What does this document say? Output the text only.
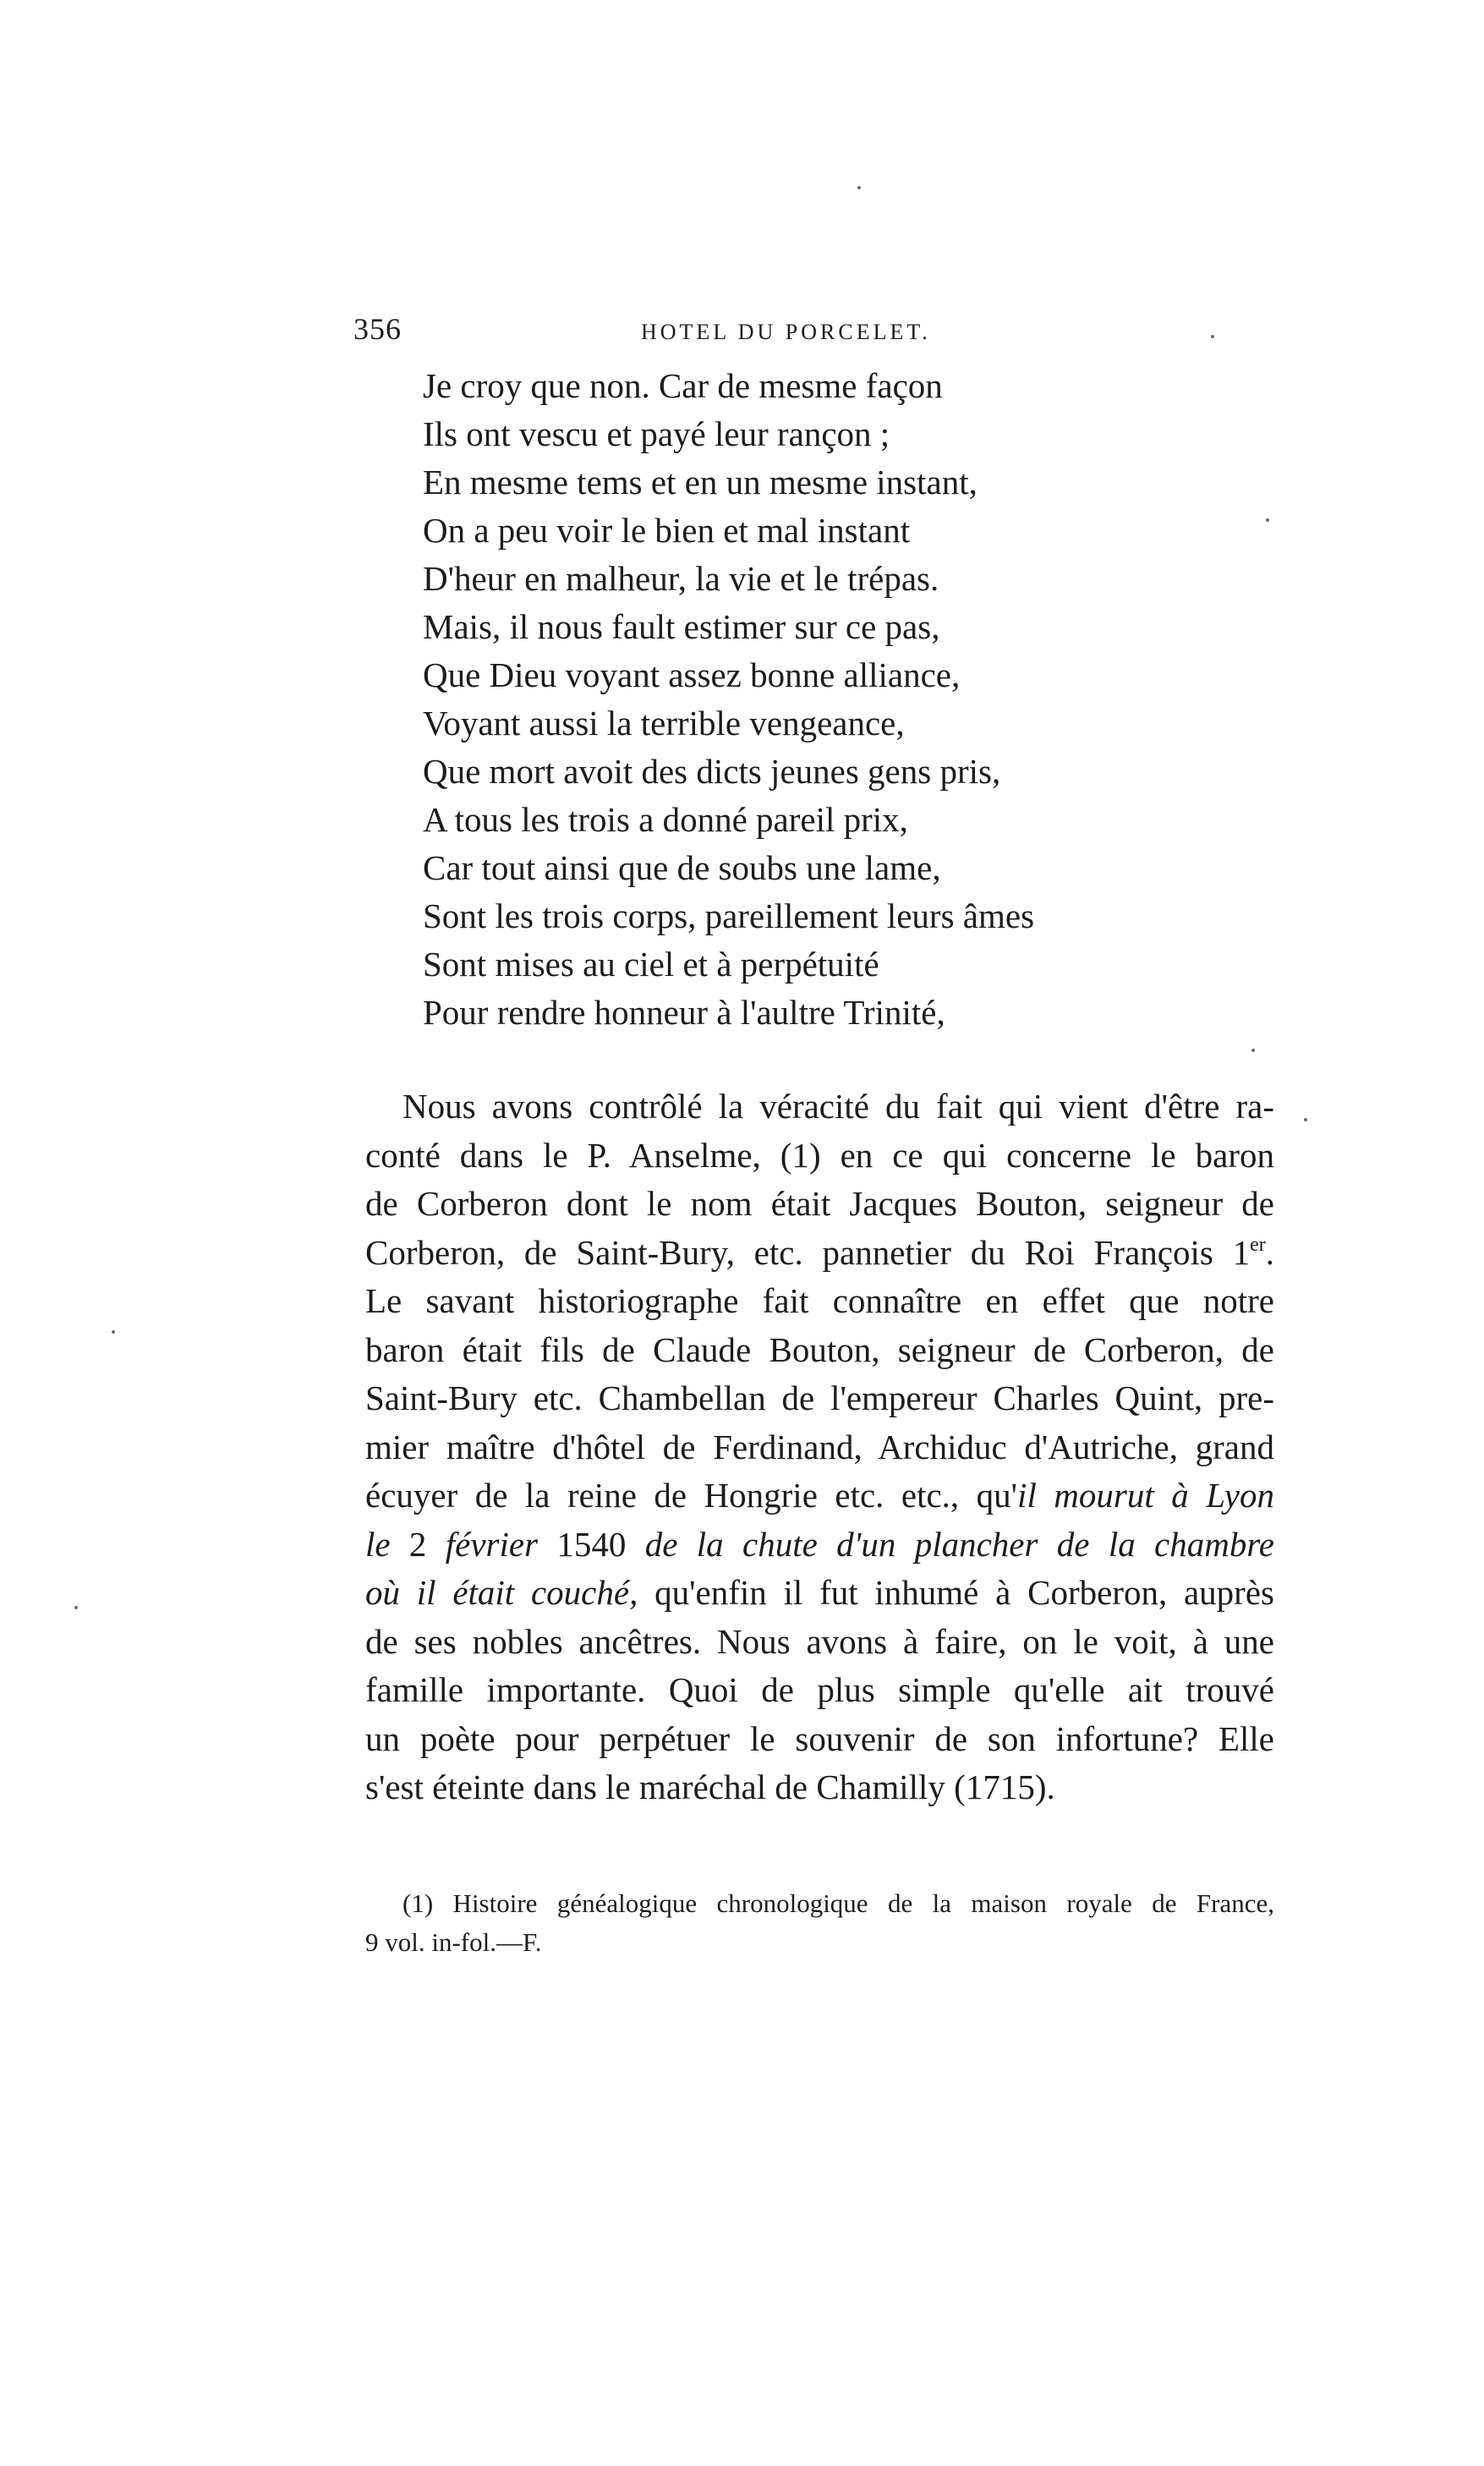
356	HOTEL DU PORCELET.
Je croy que non. Car de mesme façon
Ils ont vescu et payé leur rançon ;
En mesme tems et en un mesme instant,
On a peu voir le bien et mal instant
D'heur en malheur, la vie et le trépas.
Mais, il nous fault estimer sur ce pas,
Que Dieu voyant assez bonne alliance,
Voyant aussi la terrible vengeance,
Que mort avoit des dicts jeunes gens pris,
A tous les trois a donné pareil prix,
Car tout ainsi que de soubs une lame,
Sont les trois corps, pareillement leurs âmes
Sont mises au ciel et à perpétuité
Pour rendre honneur à l'aultre Trinité,
Nous avons contrôlé la véracité du fait qui vient d'être ra-
conté dans le P. Anselme, (1) en ce qui concerne le baron
de Corberon dont le nom était Jacques Bouton, seigneur de
Corberon, de Saint-Bury, etc. pannetier du Roi François 1er.
Le savant historiographe fait connaître en effet que notre
baron était fils de Claude Bouton, seigneur de Corberon, de
Saint-Bury etc. Chambellan de l'empereur Charles Quint, pre-
mier maître d'hôtel de Ferdinand, Archiduc d'Autriche, grand
écuyer de la reine de Hongrie etc. etc., qu'il mourut à Lyon
le 2 février 1540 de la chute d'un plancher de la chambre
où il était couché, qu'enfin il fut inhumé à Corberon, auprès
de ses nobles ancêtres. Nous avons à faire, on le voit, à une
famille importante. Quoi de plus simple qu'elle ait trouvé
un poète pour perpétuer le souvenir de son infortune? Elle
s'est éteinte dans le maréchal de Chamilly (1715).
(1) Histoire généalogique chronologique de la maison royale de France,
9 vol. in-fol.—F.
